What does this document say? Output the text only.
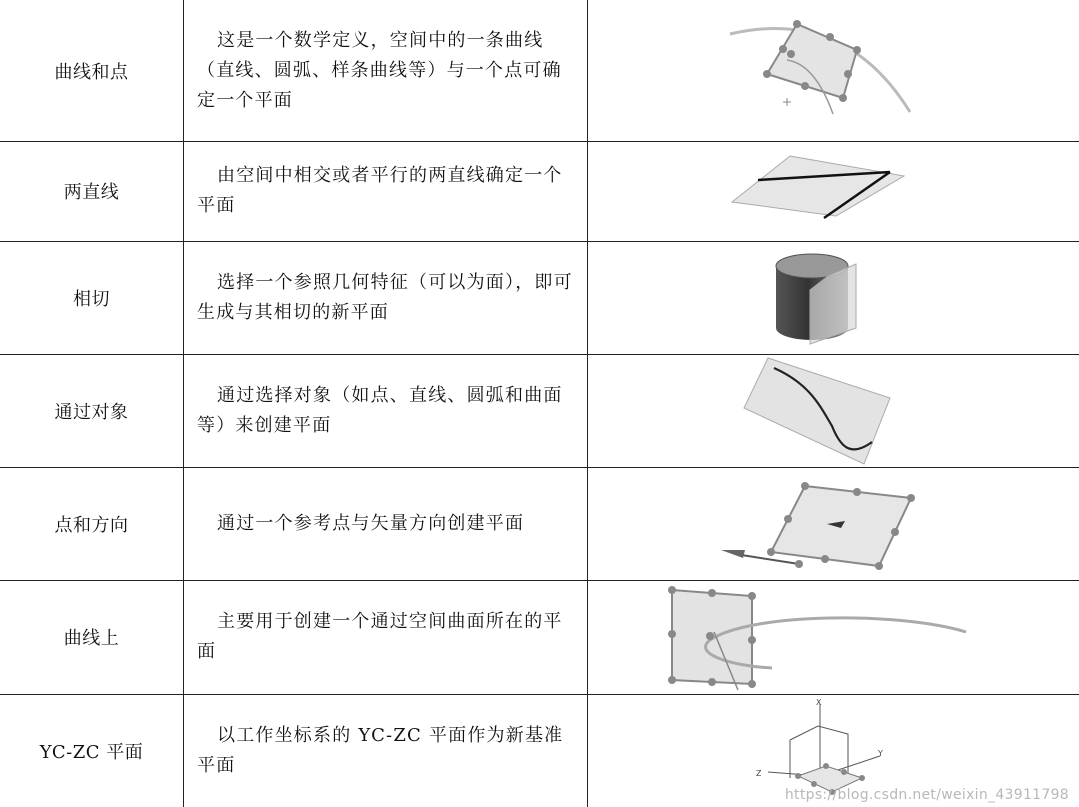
曲线和点
这是一个数学定义，空间中的一条曲线（直线、圆弧、样条曲线等）与一个点可确定一个平面
两直线
由空间中相交或者平行的两直线确定一个平面
相切
选择一个参照几何特征（可以为面），即可生成与其相切的新平面
通过对象
通过选择对象（如点、直线、圆弧和曲面等）来创建平面
点和方向	通过一个参考点与矢量方向创建平面
曲线上
主要用于创建一个通过空间曲面所在的平面
YC-ZC 平面
以工作坐标系的 YC-ZC 平面作为新基准平面
X
Y
Z
https://blog.csdn.net/weixin_43911798
